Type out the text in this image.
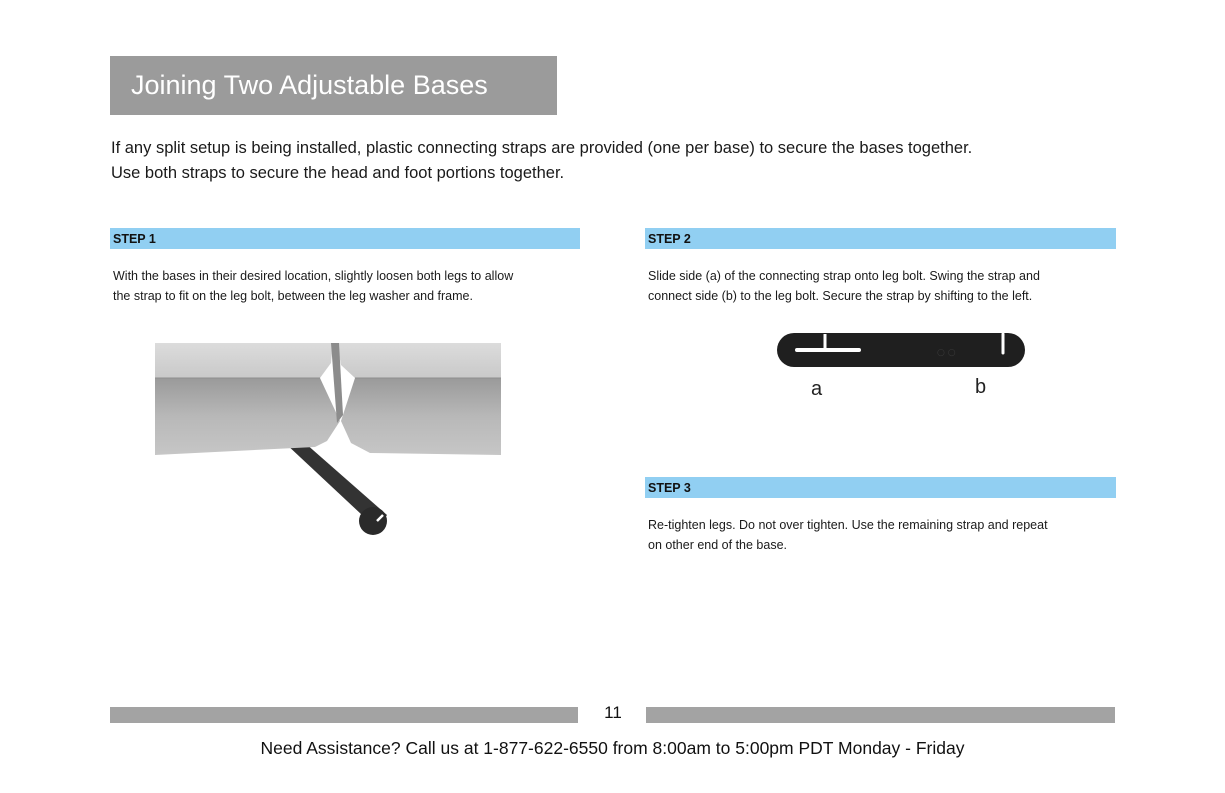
Joining Two Adjustable Bases

If any split setup is being installed, plastic connecting straps are provided (one per base) to secure the bases together.

Use both straps to secure the head and foot portions together.

STEP 1

With the bases in their desired location, slightly loosen both legs to allow

the strap to fit on the leg bolt, between the leg washer and frame.

STEP 2

Slide side (a) of the connecting strap onto leg bolt. Swing the strap and

connect side (b) to the leg bolt. Secure the strap by shifting to the left.

○ ○
a	b
STEP 3

Re-tighten legs. Do not over tighten. Use the remaining strap and repeat

on other end of the base.

11
Need Assistance? Call us at 1-877-622-6550 from 8:00am to 5:00pm PDT Monday - Friday
